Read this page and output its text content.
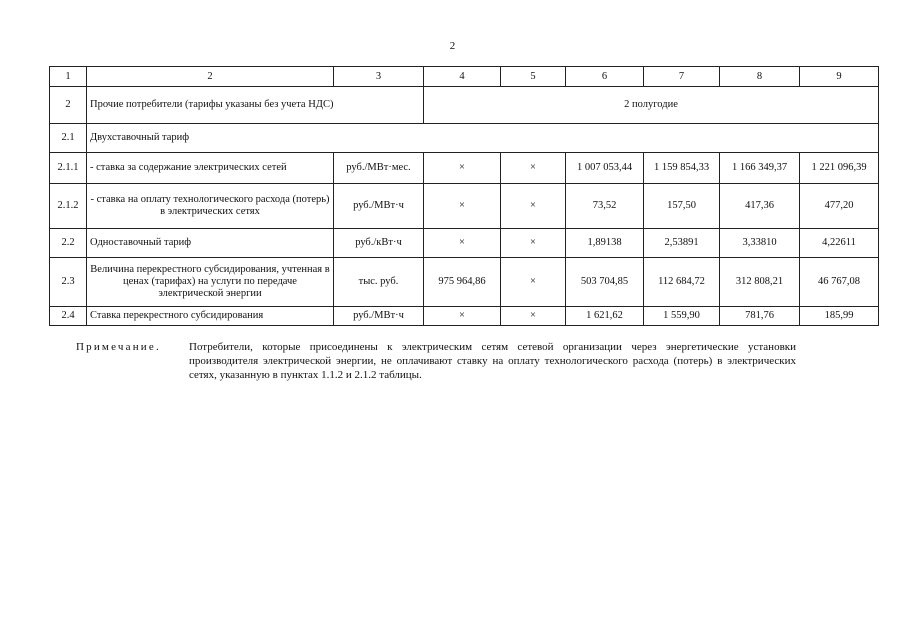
2
1	2	3	4	5	6	7	8	9
2	Прочие потребители (тарифы указаны без учета НДС)		2 полугодие					
2.1	Двухставочный тариф							
2.1.1	- ставка за содержание электрических сетей	руб./МВт·мес.	×	×	1 007 053,44	1 159 854,33	1 166 349,37	1 221 096,39
2.1.2	- ставка на оплату технологического расхода (потерь) в электрических сетях	руб./МВт·ч	×	×	73,52	157,50	417,36	477,20
2.2	Одноставочный тариф	руб./кВт·ч	×	×	1,89138	2,53891	3,33810	4,22611
2.3	Величина перекрестного субсидирования, учтенная в ценах (тарифах) на услуги по передаче электрической энергии	тыс. руб.	975 964,86	×	503 704,85	112 684,72	312 808,21	46 767,08
2.4	Ставка перекрестного субсидирования	руб./МВт·ч	×	×	1 621,62	1 559,90	781,76	185,99
Примечание.	Потребители, которые присоединены к электрическим сетям сетевой организации через энергетические установки производителя электрической энергии, не оплачивают ставку на оплату технологического расхода (потерь) в электрических сетях, указанную в пунктах 1.1.2 и 2.1.2 таблицы.
